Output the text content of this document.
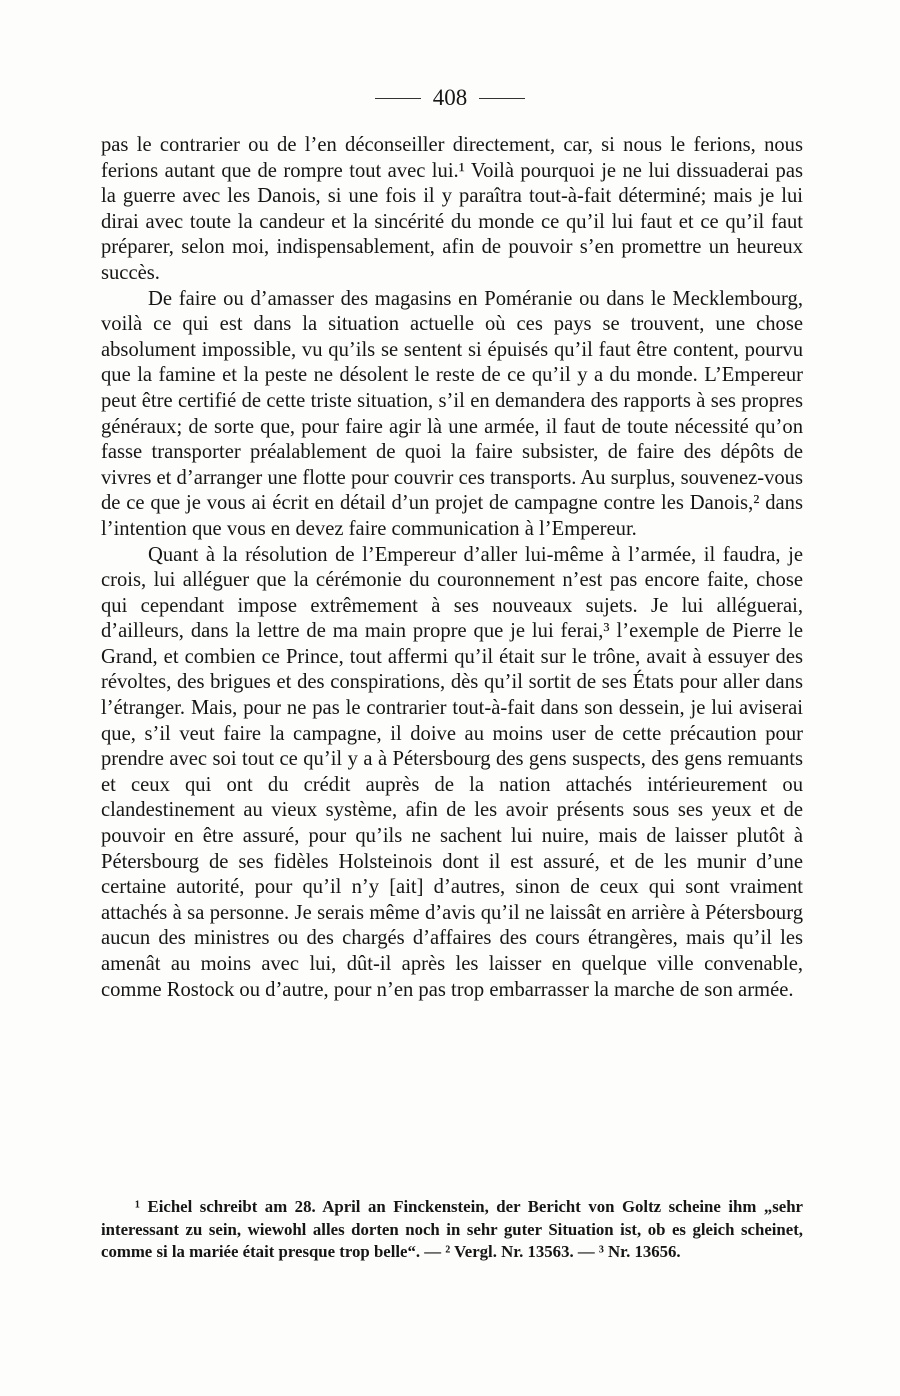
408

pas le contrarier ou de l’en déconseiller directement, car, si nous le ferions, nous ferions autant que de rompre tout avec lui.¹ Voilà pourquoi je ne lui dissuaderai pas la guerre avec les Danois, si une fois il y paraîtra tout-à-fait déterminé; mais je lui dirai avec toute la candeur et la sincérité du monde ce qu’il lui faut et ce qu’il faut préparer, selon moi, indispensablement, afin de pouvoir s’en promettre un heureux succès.

De faire ou d’amasser des magasins en Poméranie ou dans le Mecklembourg, voilà ce qui est dans la situation actuelle où ces pays se trouvent, une chose absolument impossible, vu qu’ils se sentent si épuisés qu’il faut être content, pourvu que la famine et la peste ne désolent le reste de ce qu’il y a du monde. L’Empereur peut être certifié de cette triste situation, s’il en demandera des rapports à ses propres généraux; de sorte que, pour faire agir là une armée, il faut de toute nécessité qu’on fasse transporter préalablement de quoi la faire subsister, de faire des dépôts de vivres et d’arranger une flotte pour couvrir ces transports. Au surplus, souvenez-vous de ce que je vous ai écrit en détail d’un projet de campagne contre les Danois,² dans l’intention que vous en devez faire communication à l’Empereur.

Quant à la résolution de l’Empereur d’aller lui-même à l’armée, il faudra, je crois, lui alléguer que la cérémonie du couronnement n’est pas encore faite, chose qui cependant impose extrêmement à ses nouveaux sujets. Je lui alléguerai, d’ailleurs, dans la lettre de ma main propre que je lui ferai,³ l’exemple de Pierre le Grand, et combien ce Prince, tout affermi qu’il était sur le trône, avait à essuyer des révoltes, des brigues et des conspirations, dès qu’il sortit de ses États pour aller dans l’étranger. Mais, pour ne pas le contrarier tout-à-fait dans son dessein, je lui aviserai que, s’il veut faire la campagne, il doive au moins user de cette précaution pour prendre avec soi tout ce qu’il y a à Pétersbourg des gens suspects, des gens remuants et ceux qui ont du crédit auprès de la nation attachés intérieurement ou clandestinement au vieux système, afin de les avoir présents sous ses yeux et de pouvoir en être assuré, pour qu’ils ne sachent lui nuire, mais de laisser plutôt à Pétersbourg de ses fidèles Holsteinois dont il est assuré, et de les munir d’une certaine autorité, pour qu’il n’y [ait] d’autres, sinon de ceux qui sont vraiment attachés à sa personne. Je serais même d’avis qu’il ne laissât en arrière à Pétersbourg aucun des ministres ou des chargés d’affaires des cours étrangères, mais qu’il les amenât au moins avec lui, dût-il après les laisser en quelque ville convenable, comme Rostock ou d’autre, pour n’en pas trop embarrasser la marche de son armée.

¹ Eichel schreibt am 28. April an Finckenstein, der Bericht von Goltz scheine ihm „sehr interessant zu sein, wiewohl alles dorten noch in sehr guter Situation ist, ob es gleich scheinet, comme si la mariée était presque trop belle“. — ² Vergl. Nr. 13563. — ³ Nr. 13656.
